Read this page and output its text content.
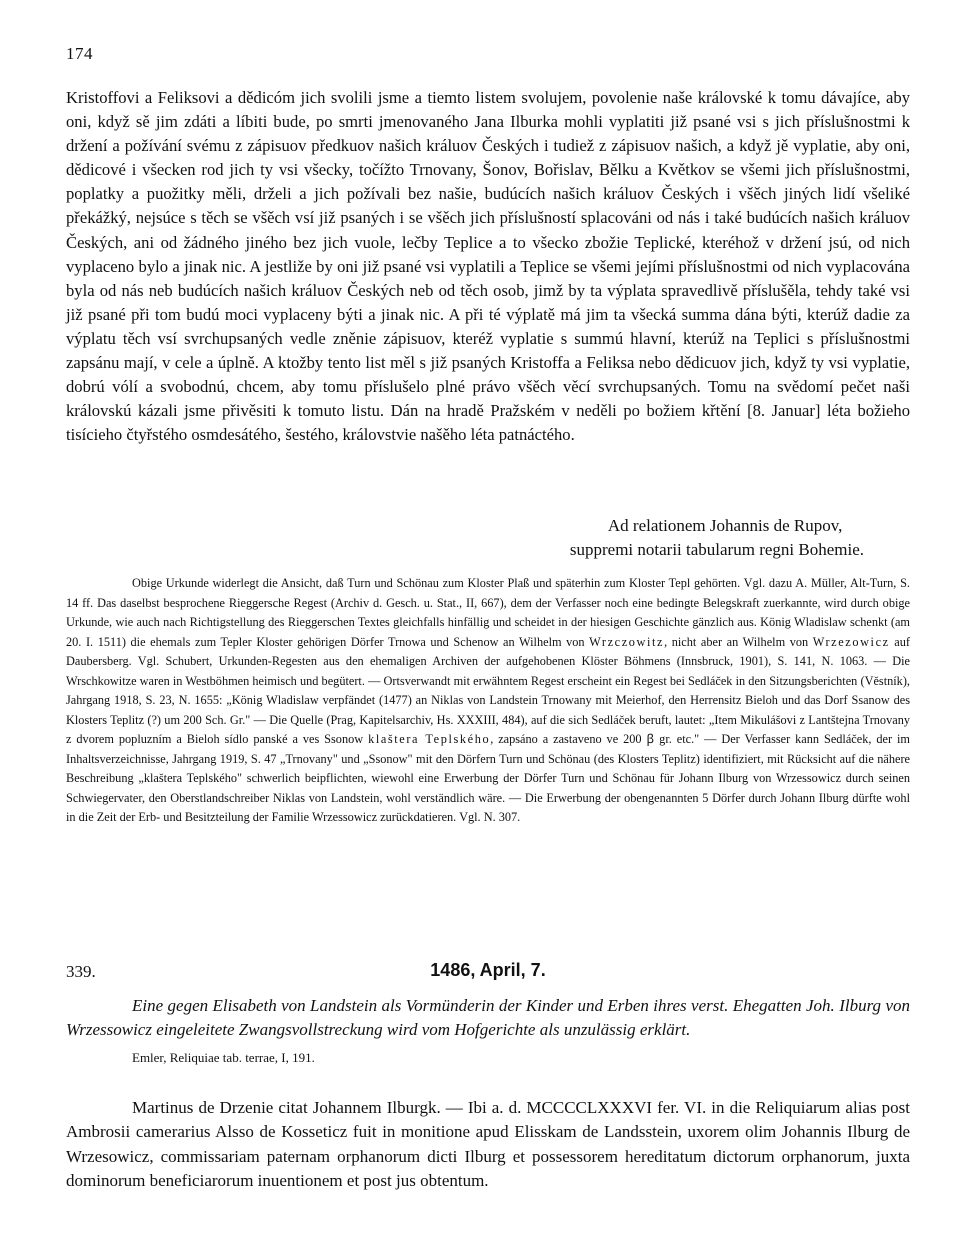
174
Kristoffovi a Feliksovi a dědicóm jich svolili jsme a tiemto listem svolujem, povolenie naše královské k tomu dávajíce, aby oni, když sě jim zdáti a líbiti bude, po smrti jmenovaného Jana Ilburka mohli vyplatiti již psané vsi s jich příslušnostmi k držení a požívání svému z zápisuov předkuov našich králuov Českých i tudiež z zápisuov našich, a když jě vyplatie, aby oni, dědicové i všecken rod jich ty vsi všecky, točížto Trnovany, Šonov, Bořislav, Bělku a Květkov se všemi jich příslušnostmi, poplatky a puožitky měli, drželi a jich požívali bez našie, budúcích našich králuov Českých i všěch jiných lidí všeliké překážký, nejsúce s těch se všěch vsí již psaných i se všěch jich příslušností splacováni od nás i také budúcích našich králuov Českých, ani od žádného jiného bez jich vuole, lečby Teplice a to všecko zbožie Teplické, kteréhož v držení jsú, od nich vyplaceno bylo a jinak nic. A jestliže by oni již psané vsi vyplatili a Teplice se všemi jejími příslušnostmi od nich vyplacována byla od nás neb budúcích našich králuov Českých neb od těch osob, jimž by ta výplata spravedlivě příslušěla, tehdy také vsi již psané při tom budú moci vyplaceny býti a jinak nic. A při té výplatě má jim ta všecká summa dána býti, kterúž dadie za výplatu těch vsí svrchupsaných vedle zněnie zápisuov, kteréž vyplatie s summú hlavní, kterúž na Teplici s příslušnostmi zapsánu mají, v cele a úplně. A ktožby tento list měl s již psaných Kristoffa a Feliksa nebo dědicuov jich, když ty vsi vyplatie, dobrú vólí a svobodnú, chcem, aby tomu příslušelo plné právo všěch věcí svrchupsaných. Tomu na svědomí pečet naši královskú kázali jsme přivěsiti k tomuto listu. Dán na hradě Pražském v neděli po božiem křtění [8. Januar] léta božieho tisícieho čtyřstého osmdesátého, šestého, královstvie našěho léta patnáctého.
Ad relationem Johannis de Rupov,
suppremi notarii tabularum regni Bohemie.
Obige Urkunde widerlegt die Ansicht, daß Turn und Schönau zum Kloster Plaß und späterhin zum Kloster Tepl gehörten. Vgl. dazu A. Müller, Alt-Turn, S. 14 ff. Das daselbst besprochene Rieggersche Regest (Archiv d. Gesch. u. Stat., II, 667), dem der Verfasser noch eine bedingte Belegskraft zuerkannte, wird durch obige Urkunde, wie auch nach Richtigstellung des Rieggerschen Textes gleichfalls hinfällig und scheidet in der hiesigen Geschichte gänzlich aus. König Wladislaw schenkt (am 20. I. 1511) die ehemals zum Tepler Kloster gehörigen Dörfer Trnowa und Schenow an Wilhelm von Wrzczowitz, nicht aber an Wilhelm von Wrzezowicz auf Daubersberg. Vgl. Schubert, Urkunden-Regesten aus den ehemaligen Archiven der aufgehobenen Klöster Böhmens (Innsbruck, 1901), S. 141, N. 1063. — Die Wrschkowitze waren in Westböhmen heimisch und begütert. — Ortsverwandt mit erwähntem Regest erscheint ein Regest bei Sedláček in den Sitzungsberichten (Věstník), Jahrgang 1918, S. 23, N. 1655: „König Wladislaw verpfändet (1477) an Niklas von Landstein Trnowany mit Meierhof, den Herrensitz Bieloh und das Dorf Ssanow des Klosters Teplitz (?) um 200 Sch. Gr." — Die Quelle (Prag, Kapitelsarchiv, Hs. XXXIII, 484), auf die sich Sedláček beruft, lautet: „Item Mikulášovi z Lantštejna Trnovany z dvorem popluzním a Bieloh sídlo panské a ves Ssonow klaštera Teplského, zapsáno a zastaveno ve 200 ꞵ gr. etc." — Der Verfasser kann Sedláček, der im Inhaltsverzeichnisse, Jahrgang 1919, S. 47 „Trnovany" und „Ssonow" mit den Dörfern Turn und Schönau (des Klosters Teplitz) identifiziert, mit Rücksicht auf die nähere Beschreibung „klaštera Teplského" schwerlich beipflichten, wiewohl eine Erwerbung der Dörfer Turn und Schönau für Johann Ilburg von Wrzessowicz durch seinen Schwiegervater, den Oberstlandschreiber Niklas von Landstein, wohl verständlich wäre. — Die Erwerbung der obengenannten 5 Dörfer durch Johann Ilburg dürfte wohl in die Zeit der Erb- und Besitzteilung der Familie Wrzessowicz zurückdatieren. Vgl. N. 307.
339.	1486, April, 7.
Eine gegen Elisabeth von Landstein als Vormünderin der Kinder und Erben ihres verst. Ehegatten Joh. Ilburg von Wrzessowicz eingeleitete Zwangsvollstreckung wird vom Hofgerichte als unzulässig erklärt.
Emler, Reliquiae tab. terrae, I, 191.
Martinus de Drzenie citat Johannem Ilburgk. — Ibi a. d. MCCCCLXXXVI fer. VI. in die Reliquiarum alias post Ambrosii camerarius Alsso de Kosseticz fuit in monitione apud Elisskam de Landsstein, uxorem olim Johannis Ilburg de Wrzesowicz, commissariam paternam orphanorum dicti Ilburg et possessorem hereditatum dictorum orphanorum, juxta dominorum beneficiarorum inuentionem et post jus obtentum.
